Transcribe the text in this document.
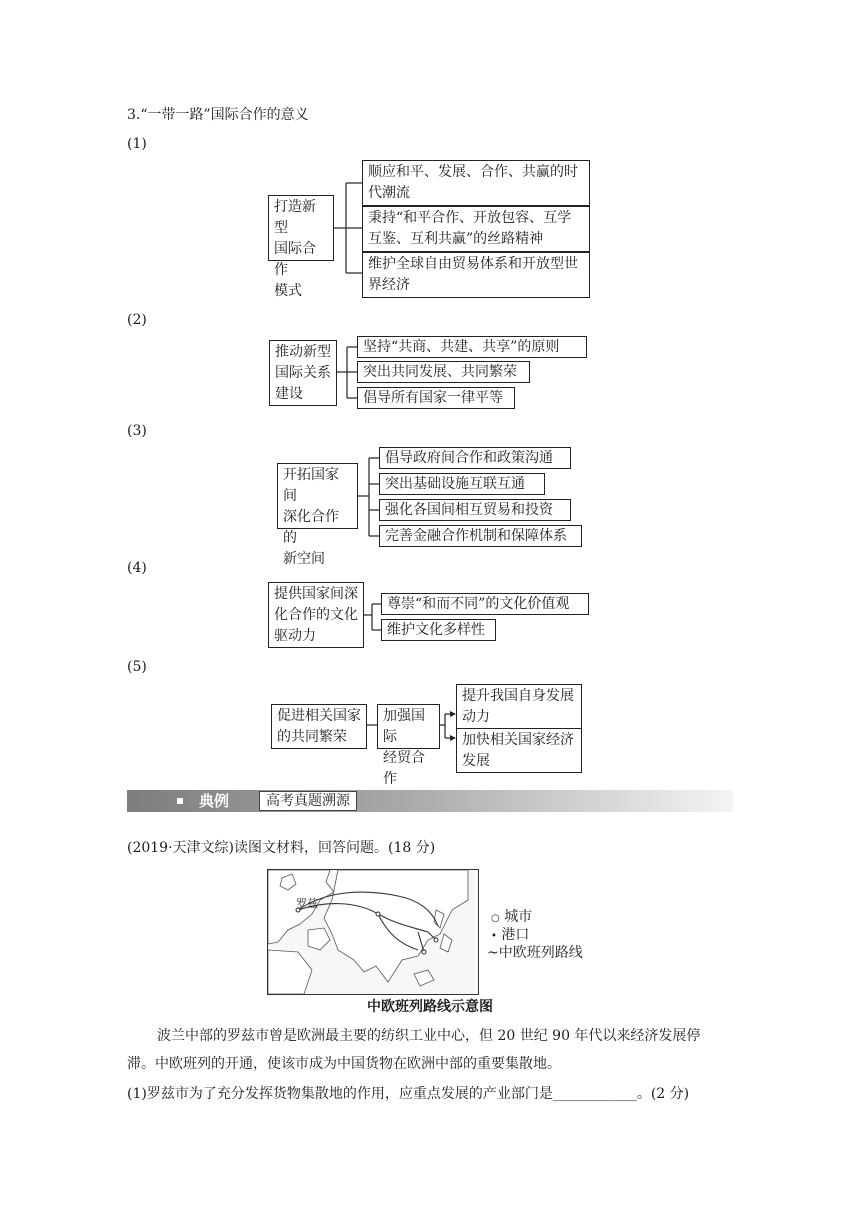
3.“一带一路”国际合作的意义
(1)
打造新型
国际合作
模式
顺应和平、发展、合作、共赢的时
代潮流
秉持“和平合作、开放包容、互学
互鉴、互利共赢”的丝路精神
维护全球自由贸易体系和开放型世
界经济
(2)
推动新型
国际关系
建设
坚持“共商、共建、共享”的原则
突出共同发展、共同繁荣
倡导所有国家一律平等
(3)
开拓国家间
深化合作的
新空间
倡导政府间合作和政策沟通
突出基础设施互联互通
强化各国间相互贸易和投资
完善金融合作机制和保障体系
(4)
提供国家间深
化合作的文化
驱动力
尊崇“和而不同”的文化价值观
维护文化多样性
(5)
促进相关国家
的共同繁荣
加强国际
经贸合作
提升我国自身发展
动力
加快相关国家经济
发展
典例	高考真题溯源
(2019·天津文综)读图文材料，回答问题。(18 分)
罗兹
○ 城市
• 港口
~中欧班列路线
中欧班列路线示意图
波兰中部的罗兹市曾是欧洲最主要的纺织工业中心，但 20 世纪 90 年代以来经济发展停
滞。中欧班列的开通，使该市成为中国货物在欧洲中部的重要集散地。
(1)罗兹市为了充分发挥货物集散地的作用，应重点发展的产业部门是____________。(2 分)
